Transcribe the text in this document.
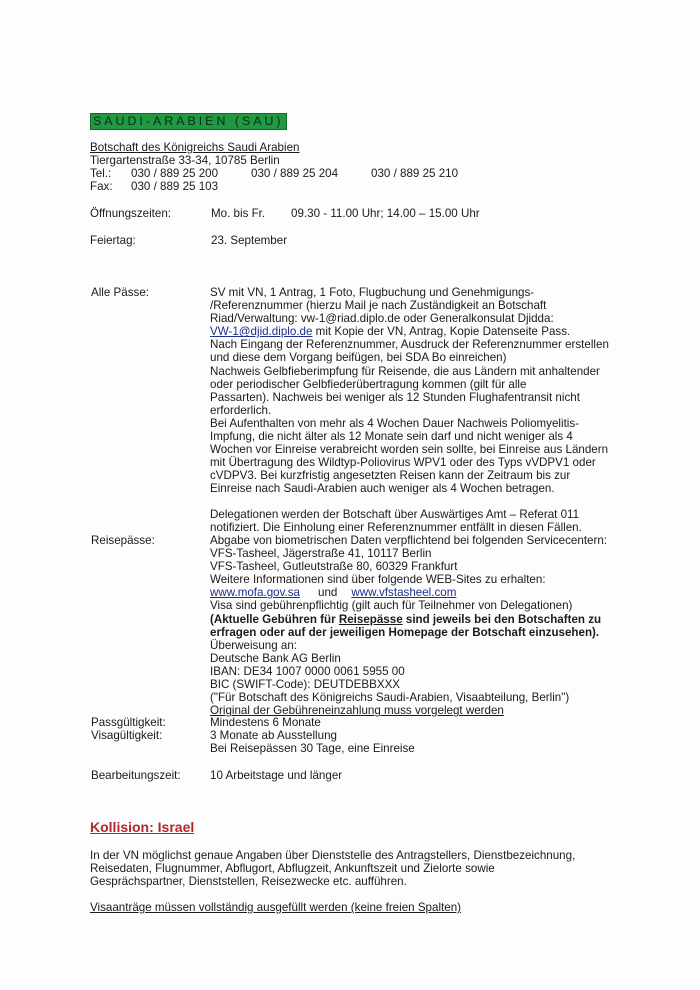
SAUDI-ARABIEN (SAU)
Botschaft des Königreichs Saudi Arabien
Tiergartenstraße 33-34, 10785 Berlin
Tel.: 030 / 889 25 200	030 / 889 25 204	030 / 889 25 210
Fax: 030 / 889 25 103
Öffnungszeiten:	Mo. bis Fr. 09.30 - 11.00 Uhr; 14.00 – 15.00 Uhr
Feiertag:	23. September
Alle Pässe:	SV mit VN, 1 Antrag, 1 Foto, Flugbuchung und Genehmigungs-
/Referenznummer (hierzu Mail je nach Zuständigkeit an Botschaft
Riad/Verwaltung: vw-1@riad.diplo.de oder Generalkonsulat Djidda:
VW-1@djid.diplo.de mit Kopie der VN, Antrag, Kopie Datenseite Pass.
Nach Eingang der Referenznummer, Ausdruck der Referenznummer erstellen
und diese dem Vorgang beifügen, bei SDA Bo einreichen)
Nachweis Gelbfieberimpfung für Reisende, die aus Ländern mit anhaltender
oder periodischer Gelbfiederübertragung kommen (gilt für alle
Passarten). Nachweis bei weniger als 12 Stunden Flughafentransit nicht
erforderlich.
Bei Aufenthalten von mehr als 4 Wochen Dauer Nachweis Poliomyelitis-
Impfung, die nicht älter als 12 Monate sein darf und nicht weniger als 4
Wochen vor Einreise verabreicht worden sein sollte, bei Einreise aus Ländern
mit Übertragung des Wildtyp-Poliovirus WPV1 oder des Typs vVDPV1 oder
cVDPV3. Bei kurzfristig angesetzten Reisen kann der Zeitraum bis zur
Einreise nach Saudi-Arabien auch weniger als 4 Wochen betragen.
Delegationen werden der Botschaft über Auswärtiges Amt – Referat 011
notifiziert. Die Einholung einer Referenznummer entfällt in diesen Fällen.
Reisepässe:	Abgabe von biometrischen Daten verpflichtend bei folgenden Servicecentern:
VFS-Tasheel, Jägerstraße 41, 10117 Berlin
VFS-Tasheel, Gutleutstraße 80, 60329 Frankfurt
Weitere Informationen sind über folgende WEB-Sites zu erhalten:
www.mofa.gov.sa und www.vfstasheel.com
Visa sind gebührenpflichtig (gilt auch für Teilnehmer von Delegationen)
(Aktuelle Gebühren für Reisepässe sind jeweils bei den Botschaften zu
erfragen oder auf der jeweiligen Homepage der Botschaft einzusehen).
Überweisung an:
Deutsche Bank AG Berlin
IBAN: DE34 1007 0000 0061 5955 00
BIC (SWIFT-Code): DEUTDEBBXXX
("Für Botschaft des Königreichs Saudi-Arabien, Visaabteilung, Berlin")
Original der Gebühreneinzahlung muss vorgelegt werden
Passgültigkeit:	Mindestens 6 Monate
Visagültigkeit:	3 Monate ab Ausstellung
Bei Reisepässen 30 Tage, eine Einreise
Bearbeitungszeit:	10 Arbeitstage und länger
Kollision: Israel
In der VN möglichst genaue Angaben über Dienststelle des Antragstellers, Dienstbezeichnung,
Reisedaten, Flugnummer, Abflugort, Abflugzeit, Ankunftszeit und Zielorte sowie
Gesprächspartner, Dienststellen, Reisezwecke etc. aufführen.
Visaanträge müssen vollständig ausgefüllt werden (keine freien Spalten)
